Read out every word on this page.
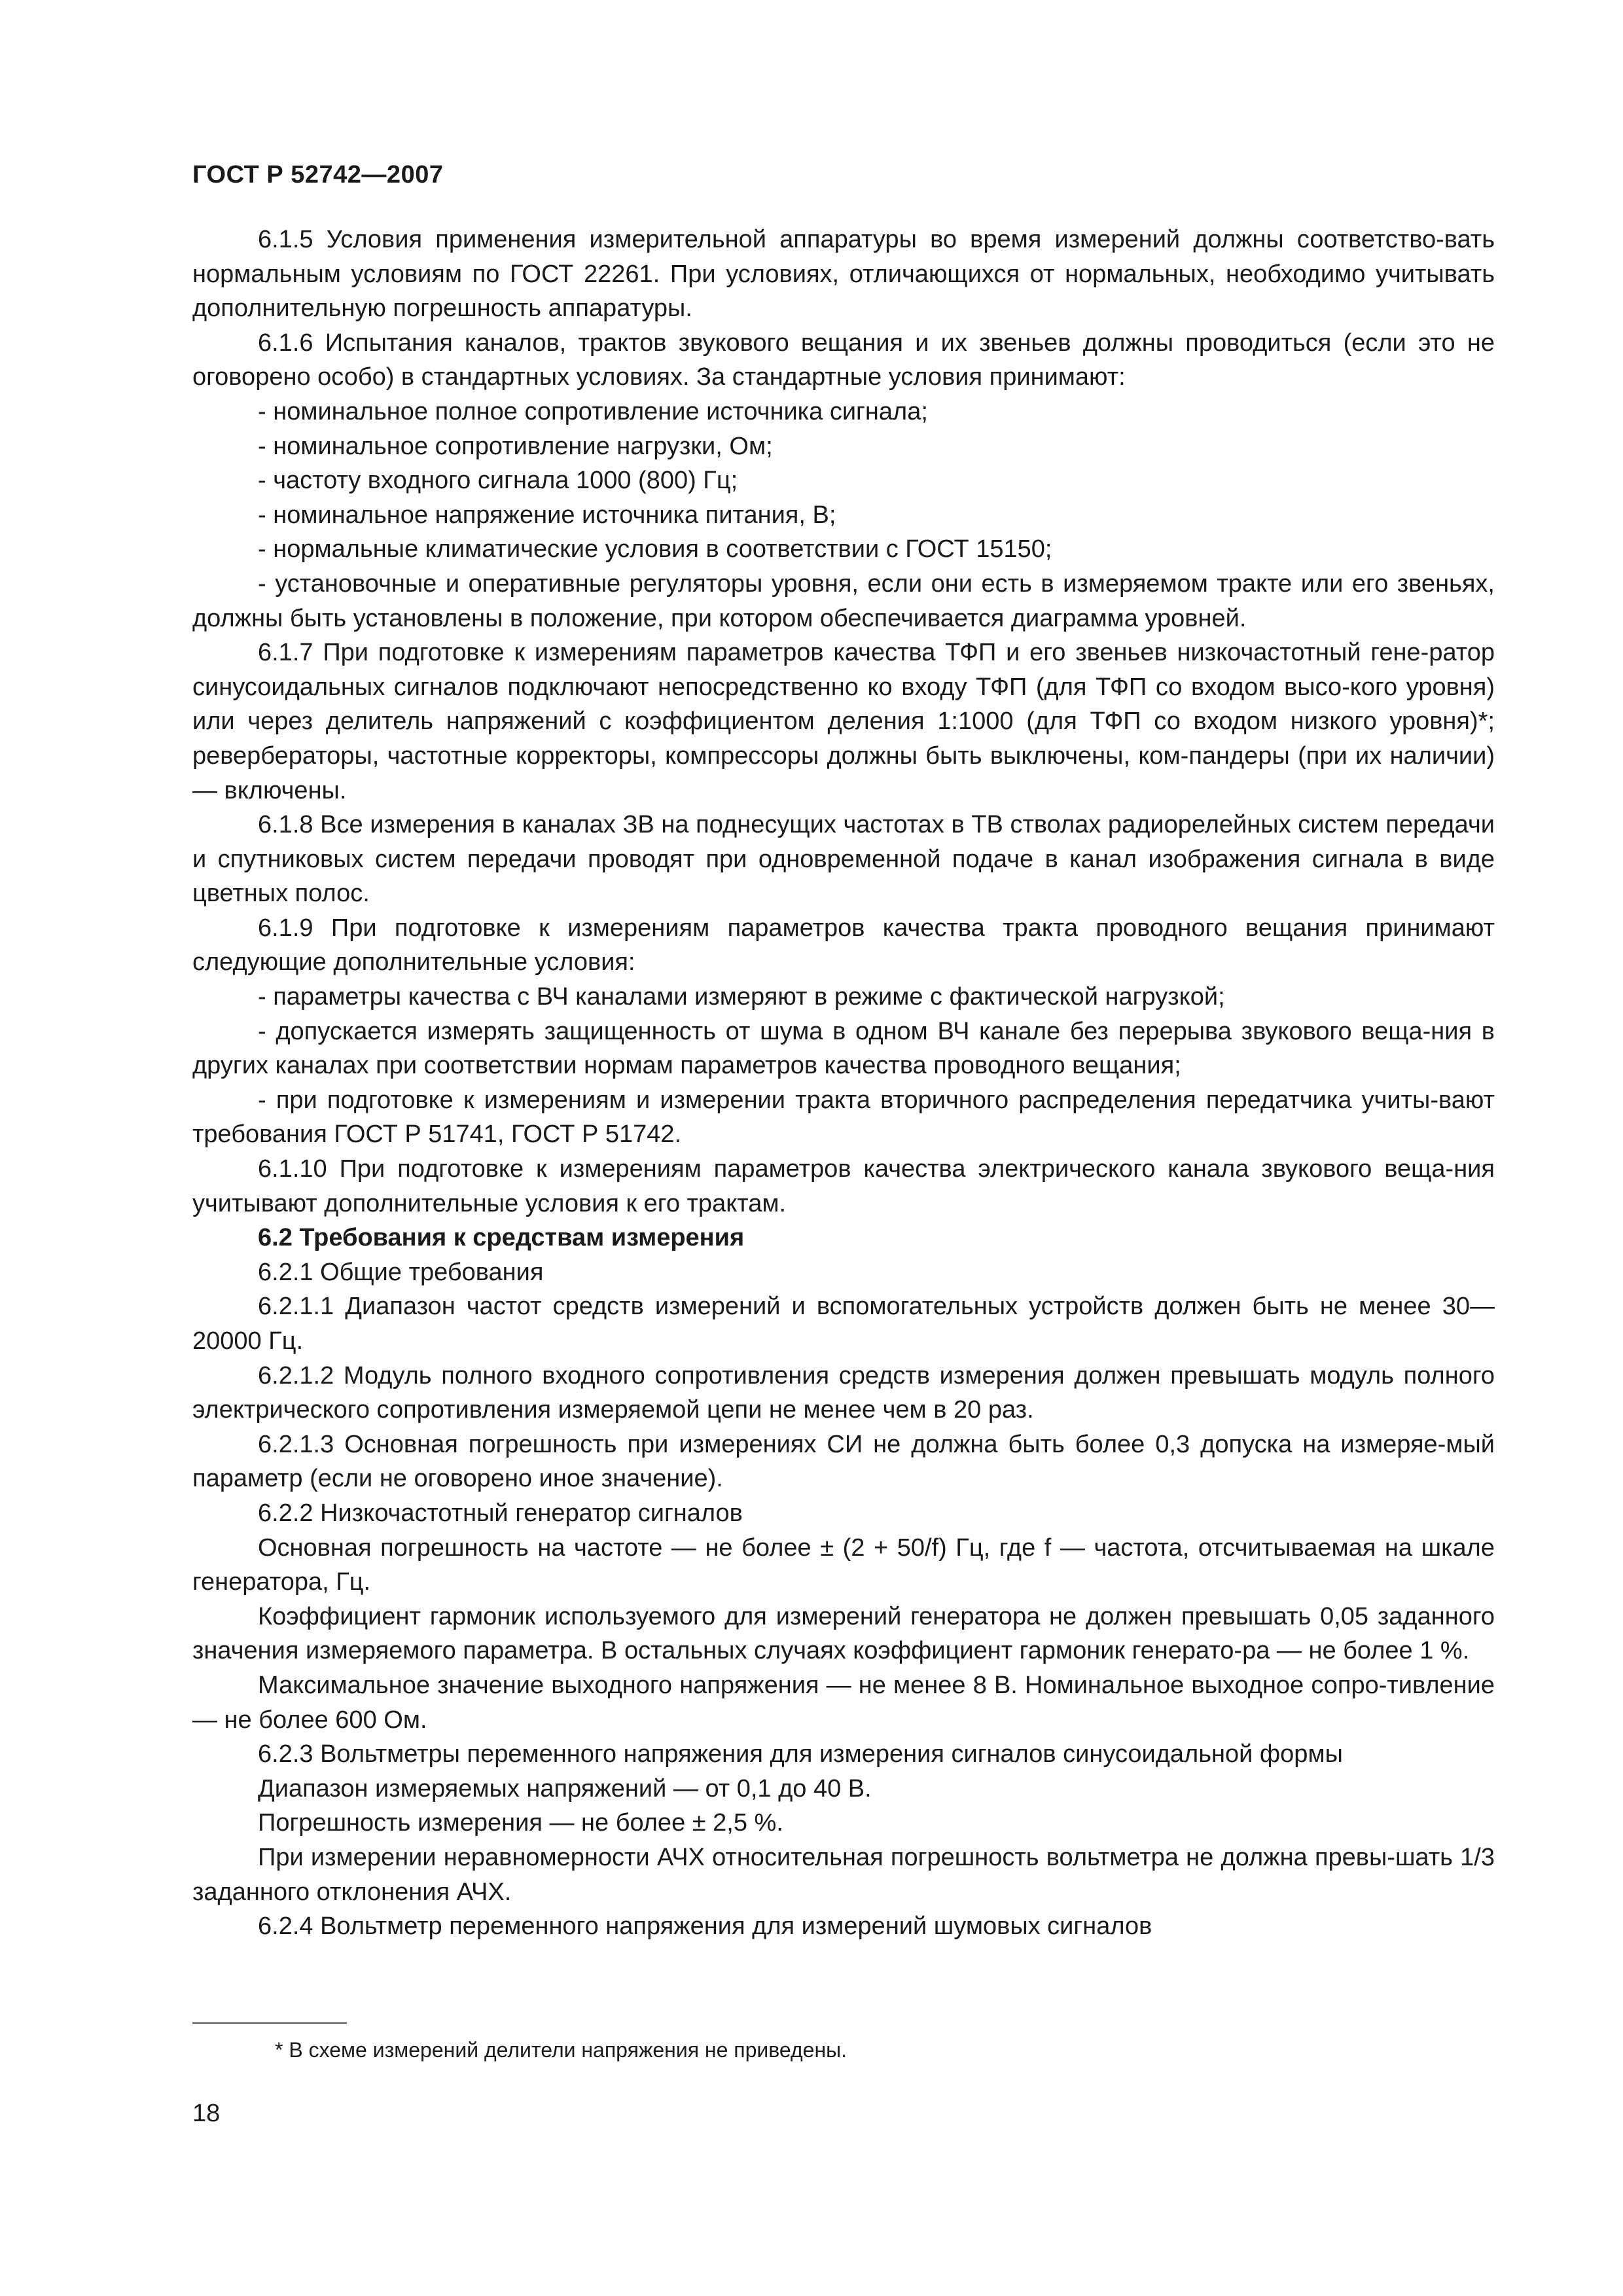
ГОСТ Р 52742—2007

6.1.5 Условия применения измерительной аппаратуры во время измерений должны соответство-вать нормальным условиям по ГОСТ 22261. При условиях, отличающихся от нормальных, необходимо учитывать дополнительную погрешность аппаратуры.

6.1.6 Испытания каналов, трактов звукового вещания и их звеньев должны проводиться (если это не оговорено особо) в стандартных условиях. За стандартные условия принимают:

- номинальное полное сопротивление источника сигнала;

- номинальное сопротивление нагрузки, Ом;

- частоту входного сигнала 1000 (800) Гц;

- номинальное напряжение источника питания, В;

- нормальные климатические условия в соответствии с ГОСТ 15150;

- установочные и оперативные регуляторы уровня, если они есть в измеряемом тракте или его звеньях, должны быть установлены в положение, при котором обеспечивается диаграмма уровней.

6.1.7 При подготовке к измерениям параметров качества ТФП и его звеньев низкочастотный гене-ратор синусоидальных сигналов подключают непосредственно ко входу ТФП (для ТФП со входом высо-кого уровня) или через делитель напряжений с коэффициентом деления 1:1000 (для ТФП со входом низкого уровня)*; ревербераторы, частотные корректоры, компрессоры должны быть выключены, ком-пандеры (при их наличии) — включены.

6.1.8 Все измерения в каналах ЗВ на поднесущих частотах в ТВ стволах радиорелейных систем передачи и спутниковых систем передачи проводят при одновременной подаче в канал изображения сигнала в виде цветных полос.

6.1.9 При подготовке к измерениям параметров качества тракта проводного вещания принимают следующие дополнительные условия:

- параметры качества с ВЧ каналами измеряют в режиме с фактической нагрузкой;

- допускается измерять защищенность от шума в одном ВЧ канале без перерыва звукового веща-ния в других каналах при соответствии нормам параметров качества проводного вещания;

- при подготовке к измерениям и измерении тракта вторичного распределения передатчика учиты-вают требования ГОСТ Р 51741, ГОСТ Р 51742.

6.1.10 При подготовке к измерениям параметров качества электрического канала звукового веща-ния учитывают дополнительные условия к его трактам.

6.2 Требования к средствам измерения

6.2.1 Общие требования

6.2.1.1 Диапазон частот средств измерений и вспомогательных устройств должен быть не менее 30—20000 Гц.

6.2.1.2 Модуль полного входного сопротивления средств измерения должен превышать модуль полного электрического сопротивления измеряемой цепи не менее чем в 20 раз.

6.2.1.3 Основная погрешность при измерениях СИ не должна быть более 0,3 допуска на измеряе-мый параметр (если не оговорено иное значение).

6.2.2 Низкочастотный генератор сигналов

Основная погрешность на частоте — не более ± (2 + 50/f) Гц, где f — частота, отсчитываемая на шкале генератора, Гц.

Коэффициент гармоник используемого для измерений генератора не должен превышать 0,05 заданного значения измеряемого параметра. В остальных случаях коэффициент гармоник генерато-ра — не более 1 %.

Максимальное значение выходного напряжения — не менее 8 В. Номинальное выходное сопро-тивление — не более 600 Ом.

6.2.3 Вольтметры переменного напряжения для измерения сигналов синусоидальной формы

Диапазон измеряемых напряжений — от 0,1 до 40 В.

Погрешность измерения — не более ± 2,5 %.

При измерении неравномерности АЧХ относительная погрешность вольтметра не должна превы-шать 1/3 заданного отклонения АЧХ.

6.2.4 Вольтметр переменного напряжения для измерений шумовых сигналов

* В схеме измерений делители напряжения не приведены.
18
